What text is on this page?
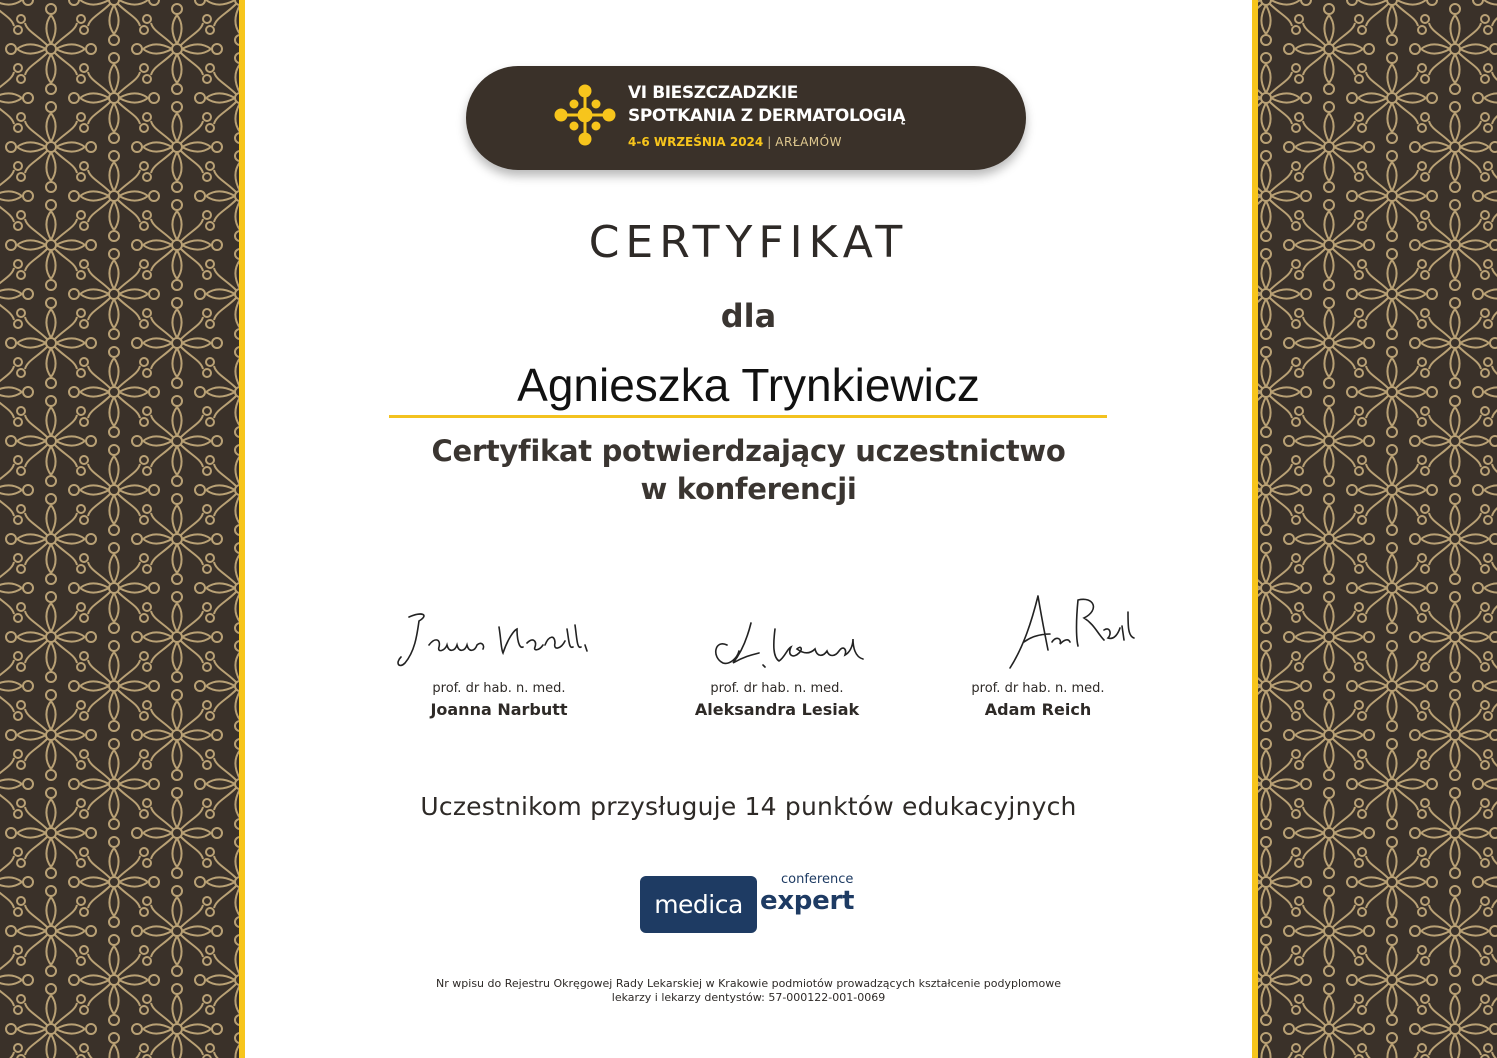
VI BIESZCZADZKIE
SPOTKANIA Z DERMATOLOGIĄ
4-6 WRZEŚNIA 2024 | ARŁAMÓW
CERTYFIKAT
dla
Agnieszka Trynkiewicz
Certyfikat potwierdzający uczestnictwo
w konferencji
prof. dr hab. n. med.
Joanna Narbutt
prof. dr hab. n. med.
Aleksandra Lesiak
prof. dr hab. n. med.
Adam Reich
Uczestnikom przysługuje 14 punktów edukacyjnych
medica
conference
expert
Nr wpisu do Rejestru Okręgowej Rady Lekarskiej w Krakowie podmiotów prowadzących kształcenie podyplomowe
lekarzy i lekarzy dentystów: 57-000122-001-0069
